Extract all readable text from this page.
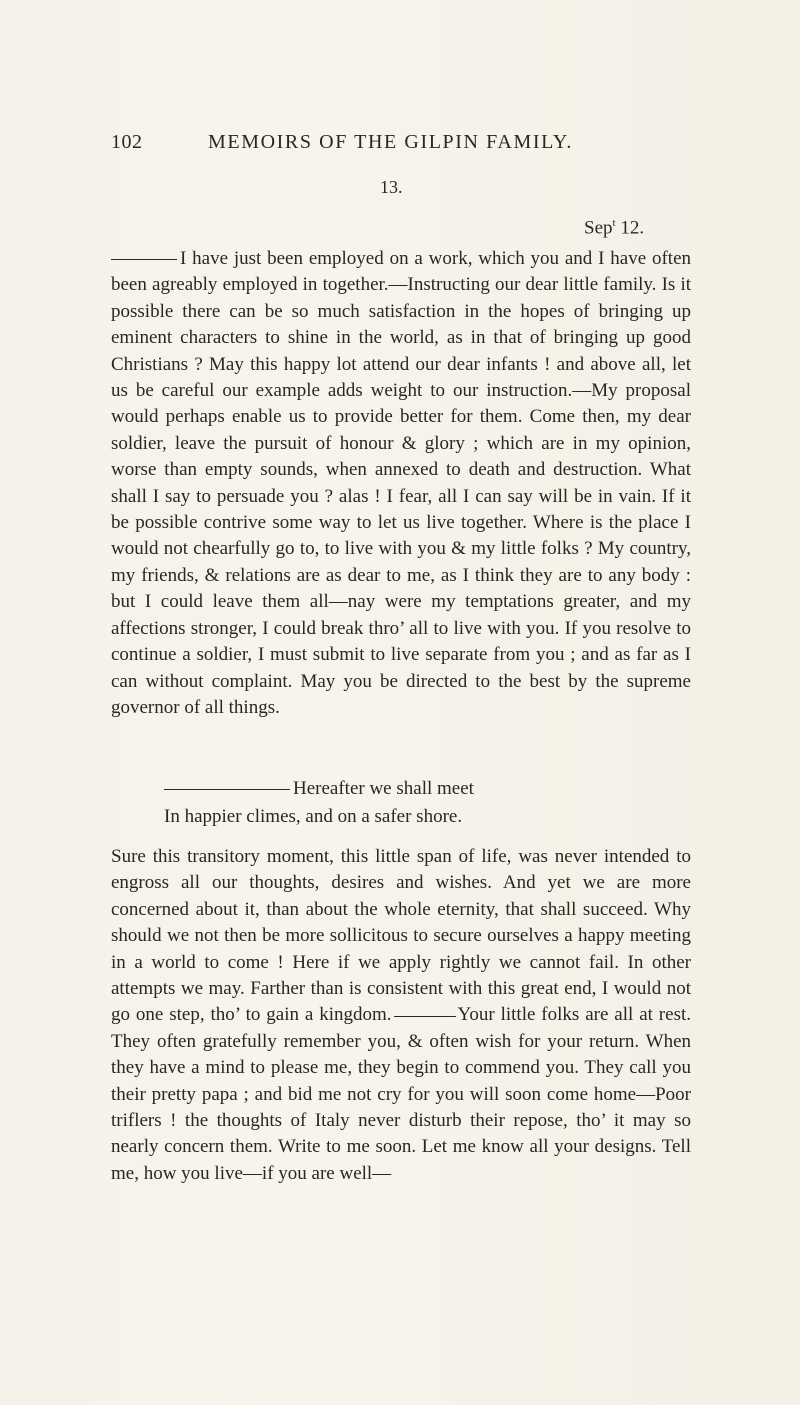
102	MEMOIRS OF THE GILPIN FAMILY.
13.
Sep$^t$ 12.

I have just been employed on a work, which you and I have often been agreably employed in together.—Instructing our dear little family. Is it possible there can be so much satisfaction in the hopes of bringing up eminent characters to shine in the world, as in that of bringing up good Christians ? May this happy lot attend our dear infants ! and above all, let us be careful our example adds weight to our instruction.—My proposal would perhaps enable us to provide better for them. Come then, my dear soldier, leave the pursuit of honour & glory ; which are in my opinion, worse than empty sounds, when annexed to death and destruction. What shall I say to persuade you ? alas ! I fear, all I can say will be in vain. If it be possible contrive some way to let us live together. Where is the place I would not chearfully go to, to live with you & my little folks ? My country, my friends, & relations are as dear to me, as I think they are to any body : but I could leave them all—nay were my temptations greater, and my affections stronger, I could break thro’ all to live with you. If you resolve to continue a soldier, I must submit to live separate from you ; and as far as I can without complaint. May you be directed to the best by the supreme governor of all things.

Hereafter we shall meet
In happier climes, and on a safer shore.

Sure this transitory moment, this little span of life, was never intended to engross all our thoughts, desires and wishes. And yet we are more concerned about it, than about the whole eternity, that shall succeed. Why should we not then be more sollicitous to secure ourselves a happy meeting in a world to come ! Here if we apply rightly we cannot fail. In other attempts we may. Farther than is consistent with this great end, I would not go one step, tho’ to gain a kingdom.	Your little folks are all at rest. They often gratefully remember you, & often wish for your return. When they have a mind to please me, they begin to commend you. They call you their pretty papa ; and bid me not cry for you will soon come home—Poor triflers ! the thoughts of Italy never disturb their repose, tho’ it may so nearly concern them. Write to me soon. Let me know all your designs. Tell me, how you live—if you are well—
